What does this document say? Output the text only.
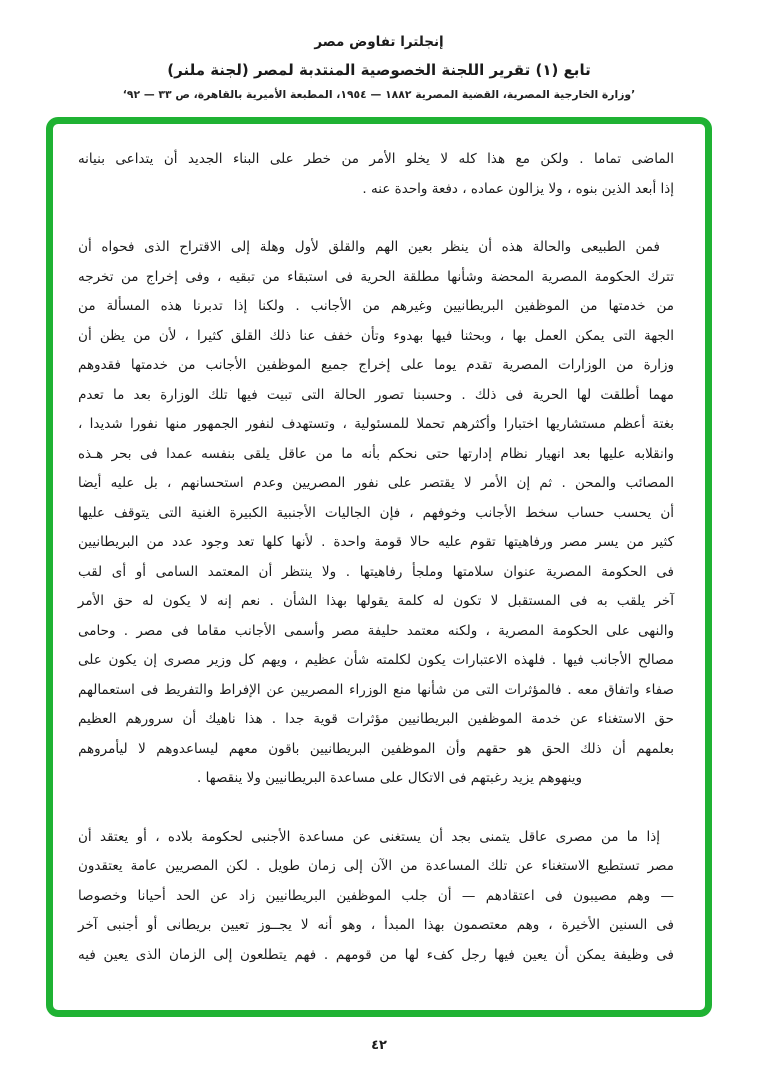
إنجلترا تفاوض مصر
تابع (١) تقرير اللجنة الخصوصية المنتدبة لمصر (لجنة ملنر)
’وزارة الخارجية المصرية، القضية المصرية ١٨٨٢ — ١٩٥٤، المطبعة الأميرية بالقاهرة، ص ٣٣ — ٩٢‘
الماضى تماما . ولكن مع هذا كله لا يخلو الأمر من خطر على البناء الجديد أن يتداعى بنيانه
إذا أبعد الذين بنوه ، ولا يزالون عماده ، دفعة واحدة عنه .
فمن الطبيعى والحالة هذه أن ينظر بعين الهم والقلق لأول وهلة إلى الاقتراح الذى فحواه أن
تترك الحكومة المصرية المحضة وشأنها مطلقة الحرية فى استبقاء من تبقيه ، وفى إخراج من تخرجه
من خدمتها من الموظفين البريطانيين وغيرهم من الأجانب . ولكنا إذا تدبرنا هذه المسألة من
الجهة التى يمكن العمل بها ، وبحثنا فيها بهدوء وتأن خفف عنا ذلك القلق كثيرا ، لأن من يظن أن
وزارة من الوزارات المصرية تقدم يوما على إخراج جميع الموظفين الأجانب من خدمتها فقدوهم
مهما أطلقت لها الحرية فى ذلك . وحسبنا تصور الحالة التى تبيت فيها تلك الوزارة بعد ما تعدم
بغتة أعظم مستشاريها اختبارا وأكثرهم تحملا للمسئولية ، وتستهدف لنفور الجمهور منها نفورا شديدا ،
وانقلابه عليها بعد انهيار نظام إدارتها حتى نحكم بأنه ما من عاقل يلقى بنفسه عمدا فى بحر هـذه
المصائب والمحن . ثم إن الأمر لا يقتصر على نفور المصريين وعدم استحسانهم ، بل عليه أيضا
أن يحسب حساب سخط الأجانب وخوفهم ، فإن الجاليات الأجنبية الكبيرة الغنية التى يتوقف عليها
كثير من يسر مصر ورفاهيتها تقوم عليه حالا قومة واحدة . لأنها كلها تعد وجود عدد من البريطانيين
فى الحكومة المصرية عنوان سلامتها وملجأ رفاهيتها . ولا ينتظر أن المعتمد السامى أو أى لقب
آخر يلقب به فى المستقبل لا تكون له كلمة يقولها بهذا الشأن . نعم إنه لا يكون له حق الأمر
والنهى على الحكومة المصرية ، ولكنه معتمد حليفة مصر وأسمى الأجانب مقاما فى مصر . وحامى
مصالح الأجانب فيها . فلهذه الاعتبارات يكون لكلمته شأن عظيم ، ويهم كل وزير مصرى إن يكون على
صفاء واتفاق معه . فالمؤثرات التى من شأنها منع الوزراء المصريين عن الإفراط والتفريط فى استعمالهم
حق الاستغناء عن خدمة الموظفين البريطانيين مؤثرات قوية جدا . هذا ناهيك أن سرورهم العظيم
بعلمهم أن ذلك الحق هو حقهم وأن الموظفين البريطانيين باقون معهم ليساعدوهم لا ليأمروهم
وينهوهم يزيد رغبتهم فى الاتكال على مساعدة البريطانيين ولا ينقصها .
إذا ما من مصرى عاقل يتمنى بجد أن يستغنى عن مساعدة الأجنبى لحكومة بلاده ، أو يعتقد أن
مصر تستطيع الاستغناء عن تلك المساعدة من الآن إلى زمان طويل . لكن المصريين عامة يعتقدون
— وهم مصيبون فى اعتقادهم — أن جلب الموظفين البريطانيين زاد عن الحد أحيانا وخصوصا
فى السنين الأخيرة ، وهم معتصمون بهذا المبدأ ، وهو أنه لا يجــوز تعيين بريطانى أو أجنبى آخر
فى وظيفة يمكن أن يعين فيها رجل كفء لها من قومهم . فهم يتطلعون إلى الزمان الذى يعين فيه
٤٢
